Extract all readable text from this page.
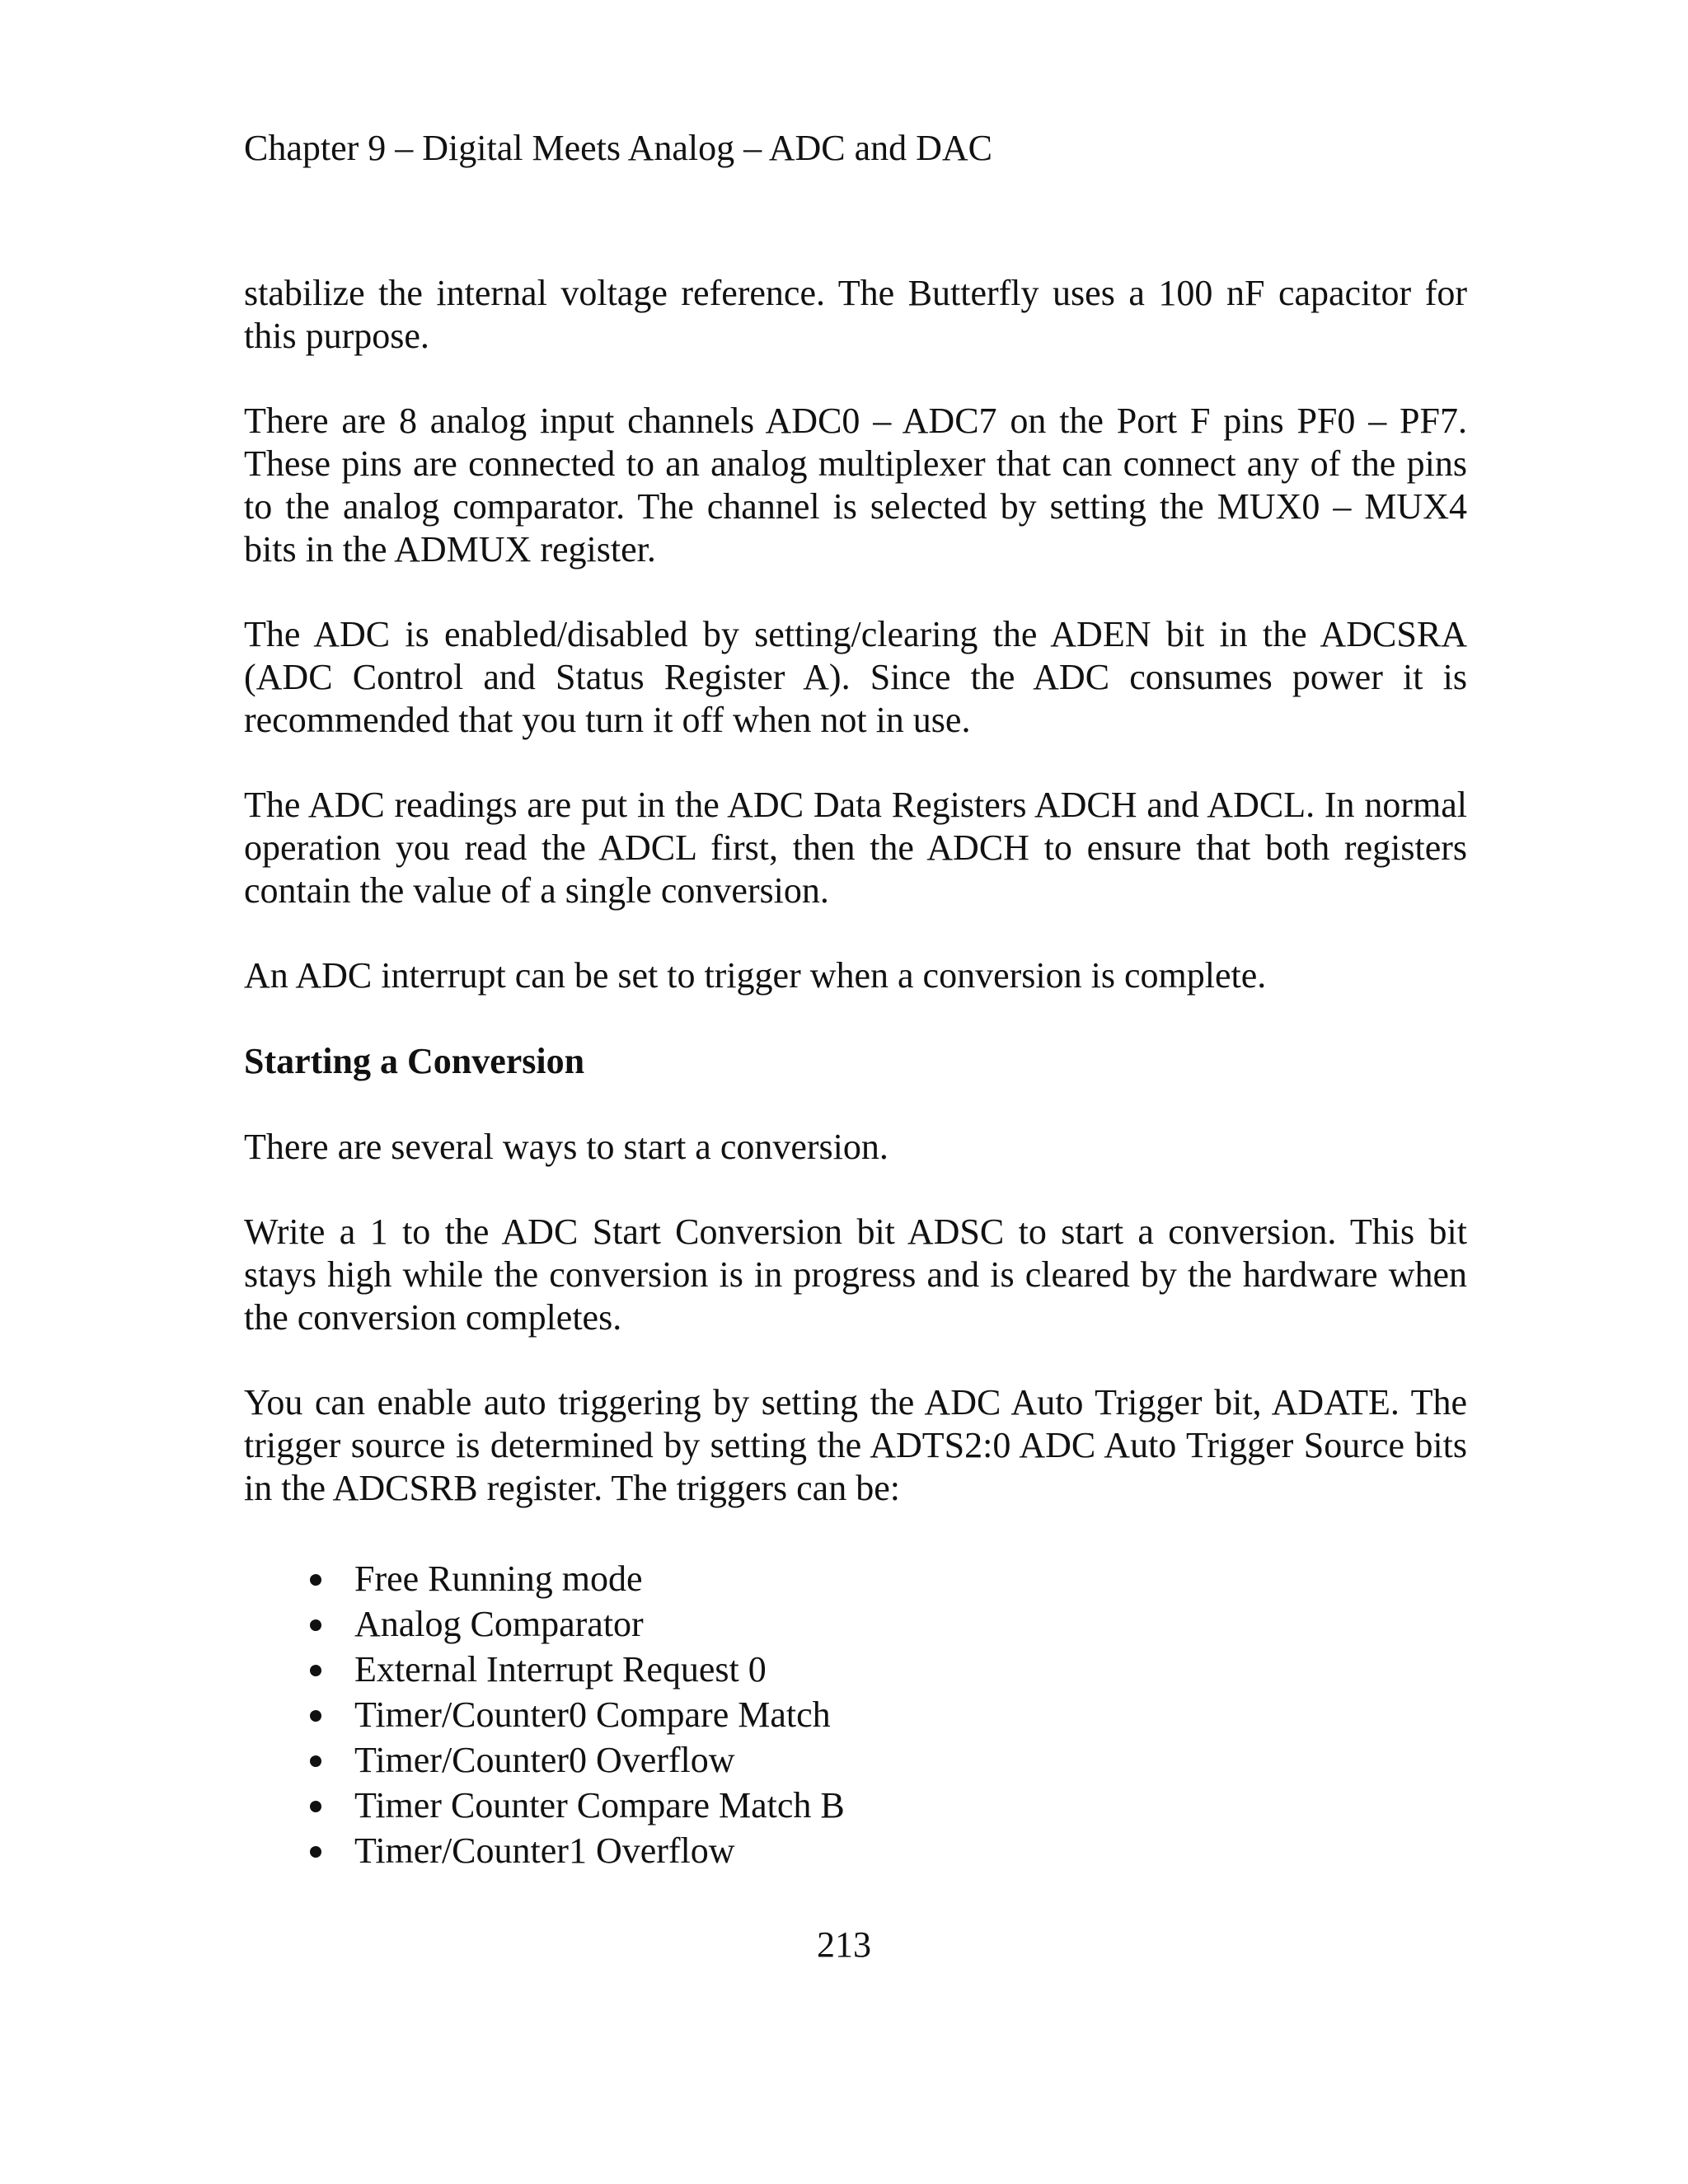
Chapter 9 – Digital Meets Analog – ADC and DAC

stabilize the internal voltage reference. The Butterfly uses a 100 nF capacitor for this purpose.

There are 8 analog input channels ADC0 – ADC7 on the Port F pins PF0 – PF7. These pins are connected to an analog multiplexer that can connect any of the pins to the analog comparator. The channel is selected by setting the MUX0 – MUX4 bits in the ADMUX register.

The ADC is enabled/disabled by setting/clearing the ADEN bit in the ADCSRA (ADC Control and Status Register A). Since the ADC consumes power it is recommended that you turn it off when not in use.

The ADC readings are put in the ADC Data Registers ADCH and ADCL. In normal operation you read the ADCL first, then the ADCH to ensure that both registers contain the value of a single conversion.

An ADC interrupt can be set to trigger when a conversion is complete.

Starting a Conversion

There are several ways to start a conversion.

Write a 1 to the ADC Start Conversion bit ADSC to start a conversion. This bit stays high while the conversion is in progress and is cleared by the hardware when the conversion completes.

You can enable auto triggering by setting the ADC Auto Trigger bit, ADATE. The trigger source is determined by setting the ADTS2:0 ADC Auto Trigger Source bits in the ADCSRB register. The triggers can be:

Free Running mode
Analog Comparator
External Interrupt Request 0
Timer/Counter0 Compare Match
Timer/Counter0 Overflow
Timer Counter Compare Match B
Timer/Counter1 Overflow
213
